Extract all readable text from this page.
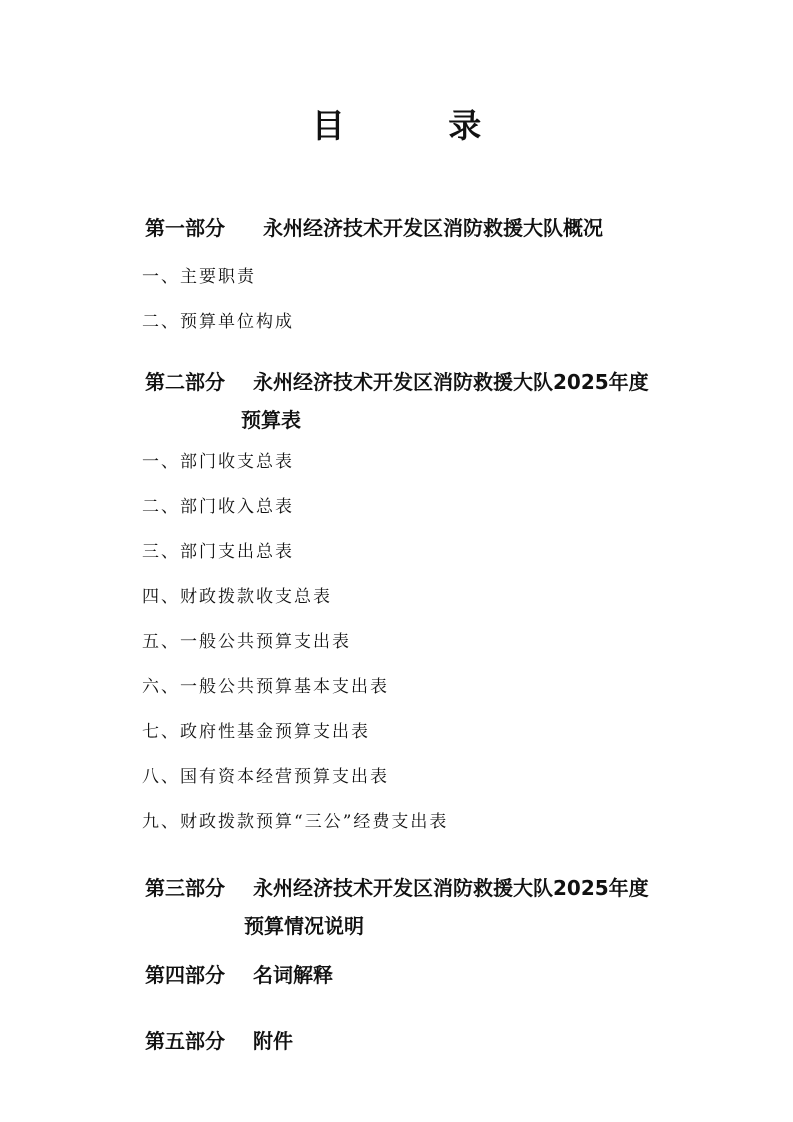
目 录
第一部分	永州经济技术开发区消防救援大队概况
一、主要职责
二、预算单位构成
第二部分	永州经济技术开发区消防救援大队2025年度
预算表
一、部门收支总表
二、部门收入总表
三、部门支出总表
四、财政拨款收支总表
五、一般公共预算支出表
六、一般公共预算基本支出表
七、政府性基金预算支出表
八、国有资本经营预算支出表
九、财政拨款预算“三公”经费支出表
第三部分	永州经济技术开发区消防救援大队2025年度
预算情况说明
第四部分	名词解释
第五部分	附件
